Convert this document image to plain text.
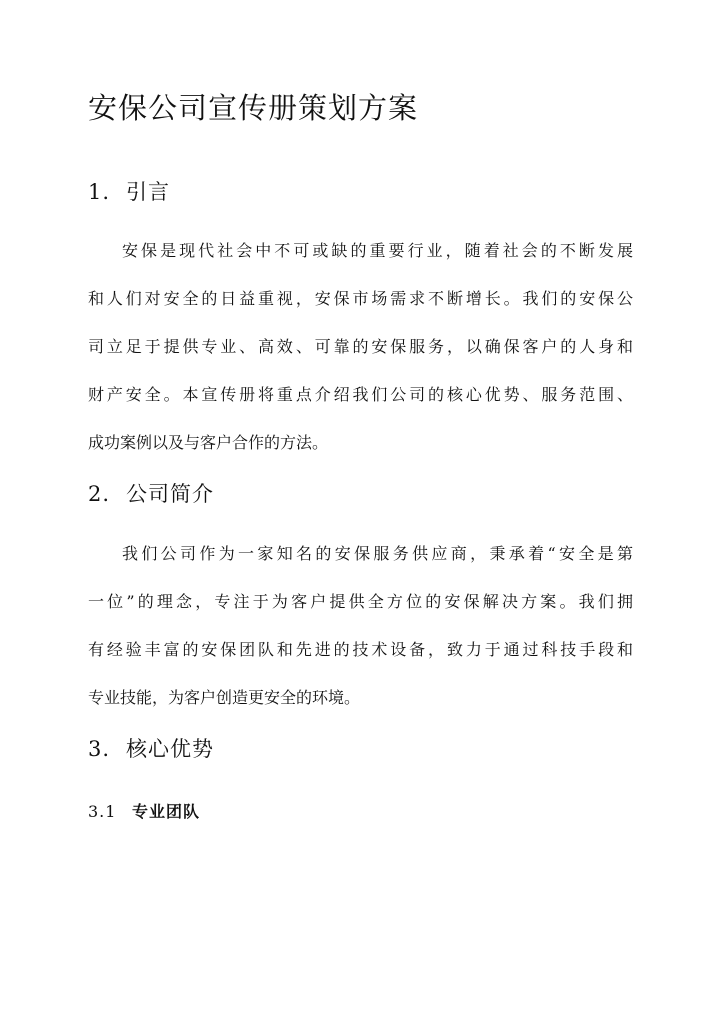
安保公司宣传册策划方案
1. 引言
安保是现代社会中不可或缺的重要行业，随着社会的不断发展
和人们对安全的日益重视，安保市场需求不断增长。我们的安保公
司立足于提供专业、高效、可靠的安保服务，以确保客户的人身和
财产安全。本宣传册将重点介绍我们公司的核心优势、服务范围、
成功案例以及与客户合作的方法。
2. 公司简介
我们公司作为一家知名的安保服务供应商，秉承着“安全是第
一位”的理念，专注于为客户提供全方位的安保解决方案。我们拥
有经验丰富的安保团队和先进的技术设备，致力于通过科技手段和
专业技能，为客户创造更安全的环境。
3. 核心优势
3.1 专业团队
